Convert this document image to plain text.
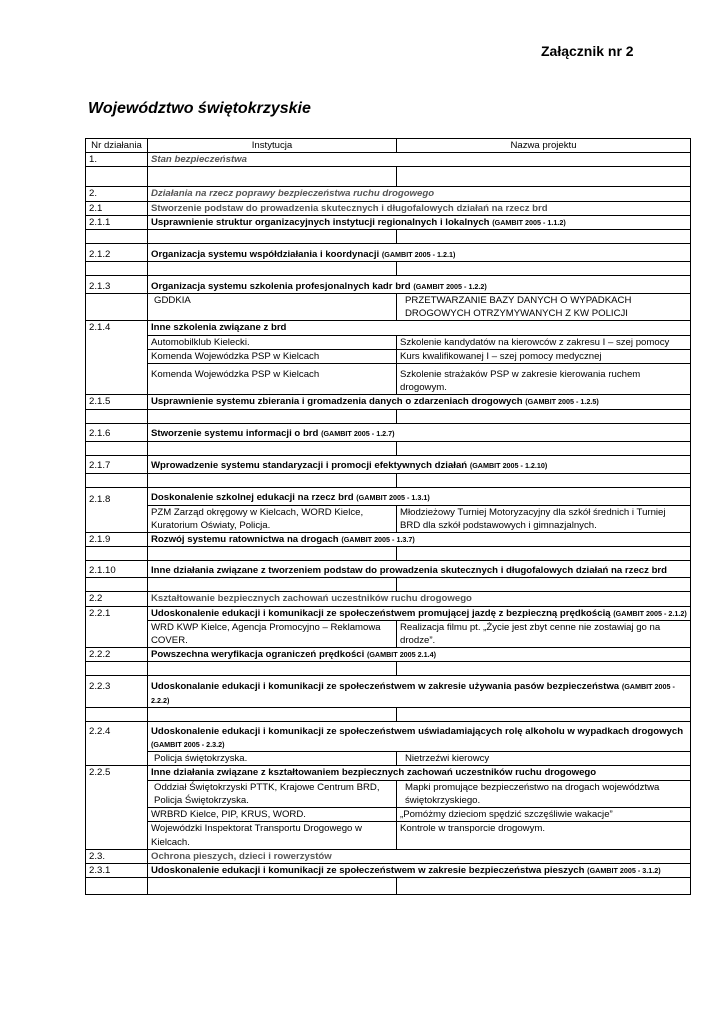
Załącznik nr 2
Województwo świętokrzyskie
Nr działania	Instytucja	Nazwa projektu
1.	Stan bezpieczeństwa	

2.	Działania na rzecz poprawy bezpieczeństwa ruchu drogowego	
2.1	Stworzenie podstaw do prowadzenia skutecznych i długofalowych działań na rzecz brd	
2.1.1	Usprawnienie struktur organizacyjnych instytucji regionalnych i lokalnych (GAMBIT 2005 - 1.1.2)	

2.1.2	Organizacja systemu współdziałania i koordynacji (GAMBIT 2005 - 1.2.1)	

2.1.3	Organizacja systemu szkolenia profesjonalnych kadr brd (GAMBIT 2005 - 1.2.2)	
	GDDKIA	PRZETWARZANIE BAZY DANYCH O WYPADKACH DROGOWYCH OTRZYMYWANYCH Z KW POLICJI
2.1.4	Inne szkolenia związane z brd	
	Automobilklub Kielecki.	Szkolenie kandydatów na kierowców z zakresu I – szej pomocy
	Komenda Wojewódzka PSP w Kielcach	Kurs kwalifikowanej I – szej pomocy medycznej
	Komenda Wojewódzka PSP w Kielcach	Szkolenie strażaków PSP w zakresie kierowania ruchem drogowym.
2.1.5	Usprawnienie systemu zbierania i gromadzenia danych o zdarzeniach drogowych (GAMBIT 2005 - 1.2.5)	

2.1.6	Stworzenie systemu informacji o brd (GAMBIT 2005 - 1.2.7)	

2.1.7	Wprowadzenie systemu standaryzacji i promocji efektywnych działań (GAMBIT 2005 - 1.2.10)	

2.1.8	Doskonalenie szkolnej edukacji na rzecz brd (GAMBIT 2005 - 1.3.1)	
	PZM Zarząd okręgowy w Kielcach, WORD Kielce, Kuratorium Oświaty, Policja.	Młodzieżowy Turniej Motoryzacyjny dla szkół średnich i Turniej BRD dla szkół podstawowych i gimnazjalnych.
2.1.9	Rozwój systemu ratownictwa na drogach (GAMBIT 2005 - 1.3.7)	

2.1.10	Inne działania związane z tworzeniem podstaw do prowadzenia skutecznych i długofalowych działań na rzecz brd	

2.2	Kształtowanie bezpiecznych zachowań uczestników ruchu drogowego	
2.2.1	Udoskonalenie edukacji i komunikacji ze społeczeństwem promującej jazdę z bezpieczną prędkością (GAMBIT 2005 - 2.1.2)	
	WRD KWP Kielce, Agencja Promocyjno – Reklamowa COVER.	Realizacja filmu pt. „Życie jest zbyt cenne nie zostawiaj go na drodze”.
2.2.2	Powszechna weryfikacja ograniczeń prędkości (GAMBIT 2005 2.1.4)	

2.2.3	Udoskonalanie edukacji i komunikacji ze społeczeństwem w zakresie używania pasów bezpieczeństwa (GAMBIT 2005 - 2.2.2)	

2.2.4	Udoskonalenie edukacji i komunikacji ze społeczeństwem uświadamiających rolę alkoholu w wypadkach drogowych (GAMBIT 2005 - 2.3.2)	
	Policja świętokrzyska.	Nietrzeźwi kierowcy
2.2.5	Inne działania związane z kształtowaniem bezpiecznych zachowań uczestników ruchu drogowego	
	Oddział Świętokrzyski PTTK, Krajowe Centrum BRD, Policja Świętokrzyska.	Mapki promujące bezpieczeństwo na drogach województwa świętokrzyskiego.
	WRBRD Kielce, PIP, KRUS, WORD.	„Pomóżmy dzieciom spędzić szczęśliwie wakacje”
	Wojewódzki Inspektorat Transportu Drogowego w Kielcach.	Kontrole w transporcie drogowym.
2.3.	Ochrona pieszych, dzieci i rowerzystów	
2.3.1	Udoskonalenie edukacji i komunikacji ze społeczeństwem w zakresie bezpieczeństwa pieszych (GAMBIT 2005 - 3.1.2)	
